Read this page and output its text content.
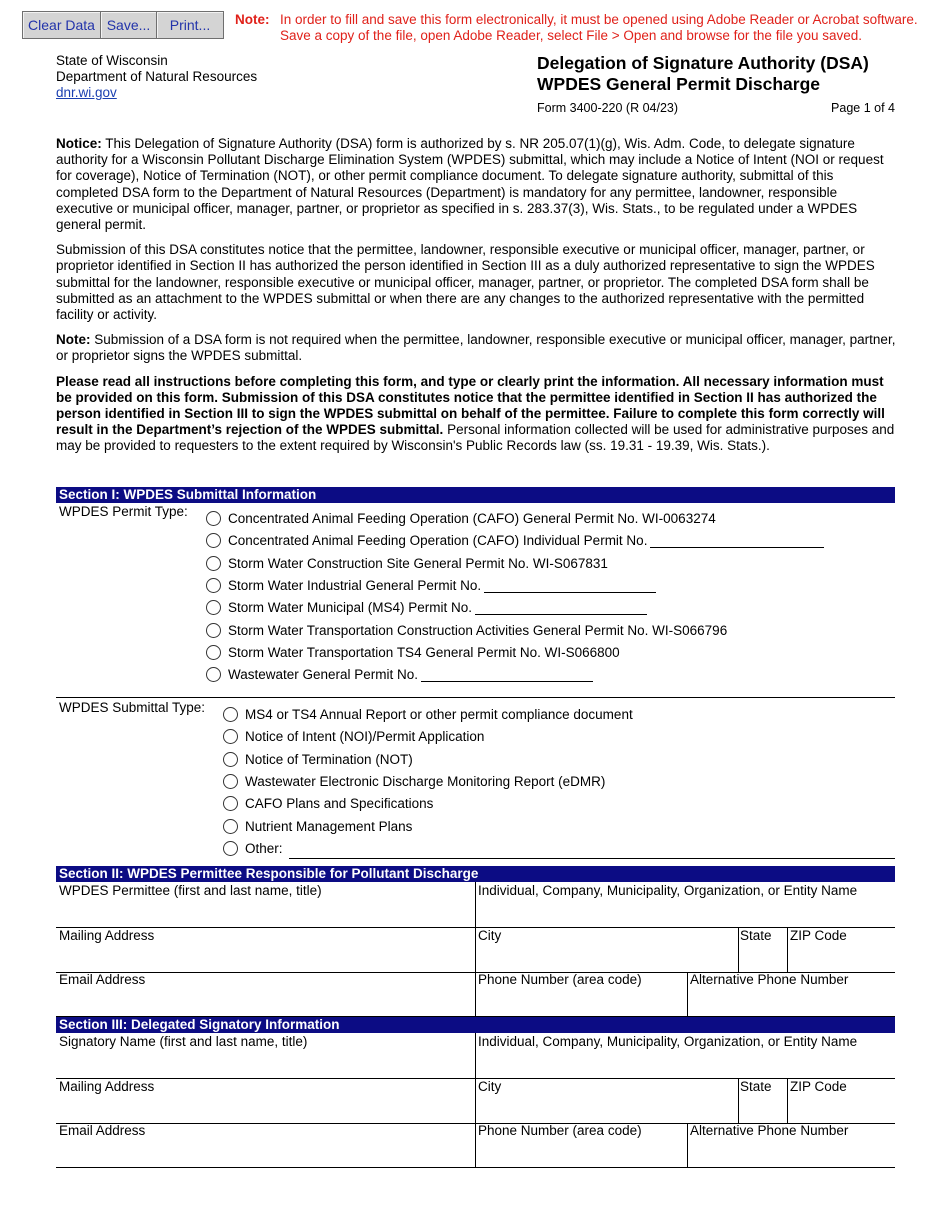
Clear Data Save...	Print...	Note: In order to fill and save this form electronically, it must be opened using Adobe Reader or Acrobat software. Save a copy of the file, open Adobe Reader, select File > Open and browse for the file you saved.
State of Wisconsin
Department of Natural Resources
dnr.wi.gov
Delegation of Signature Authority (DSA)
WPDES General Permit Discharge
Form 3400-220 (R 04/23)	Page 1 of 4

Notice: This Delegation of Signature Authority (DSA) form is authorized by s. NR 205.07(1)(g), Wis. Adm. Code, to delegate signature authority for a Wisconsin Pollutant Discharge Elimination System (WPDES) submittal, which may include a Notice of Intent (NOI or request for coverage), Notice of Termination (NOT), or other permit compliance document. To delegate signature authority, submittal of this completed DSA form to the Department of Natural Resources (Department) is mandatory for any permittee, landowner, responsible executive or municipal officer, manager, partner, or proprietor as specified in s. 283.37(3), Wis. Stats., to be regulated under a WPDES general permit.

Submission of this DSA constitutes notice that the permittee, landowner, responsible executive or municipal officer, manager, partner, or proprietor identified in Section II has authorized the person identified in Section III as a duly authorized representative to sign the WPDES submittal for the landowner, responsible executive or municipal officer, manager, partner, or proprietor. The completed DSA form shall be submitted as an attachment to the WPDES submittal or when there are any changes to the authorized representative with the permitted facility or activity.

Note: Submission of a DSA form is not required when the permittee, landowner, responsible executive or municipal officer, manager, partner, or proprietor signs the WPDES submittal.

Please read all instructions before completing this form, and type or clearly print the information. All necessary information must be provided on this form. Submission of this DSA constitutes notice that the permittee identified in Section II has authorized the person identified in Section III to sign the WPDES submittal on behalf of the permittee. Failure to complete this form correctly will result in the Department’s rejection of the WPDES submittal. Personal information collected will be used for administrative purposes and may be provided to requesters to the extent required by Wisconsin's Public Records law (ss. 19.31 - 19.39, Wis. Stats.).

Section I: WPDES Submittal Information
WPDES Permit Type:	Concentrated Animal Feeding Operation (CAFO) General Permit No. WI-0063274
Concentrated Animal Feeding Operation (CAFO) Individual Permit No.
Storm Water Construction Site General Permit No. WI-S067831
Storm Water Industrial General Permit No.
Storm Water Municipal (MS4) Permit No.
Storm Water Transportation Construction Activities General Permit No. WI-S066796
Storm Water Transportation TS4 General Permit No. WI-S066800
Wastewater General Permit No.
WPDES Submittal Type:	MS4 or TS4 Annual Report or other permit compliance document
Notice of Intent (NOI)/Permit Application
Notice of Termination (NOT)
Wastewater Electronic Discharge Monitoring Report (eDMR)
CAFO Plans and Specifications
Nutrient Management Plans
Other:
Section II: WPDES Permittee Responsible for Pollutant Discharge
WPDES Permittee (first and last name, title)	Individual, Company, Municipality, Organization, or Entity Name
Mailing Address	City	State ZIP Code
Email Address	Phone Number (area code)	Alternative Phone Number
Section III: Delegated Signatory Information
Signatory Name (first and last name, title)	Individual, Company, Municipality, Organization, or Entity Name
Mailing Address	City	State ZIP Code
Email Address	Phone Number (area code)	Alternative Phone Number
